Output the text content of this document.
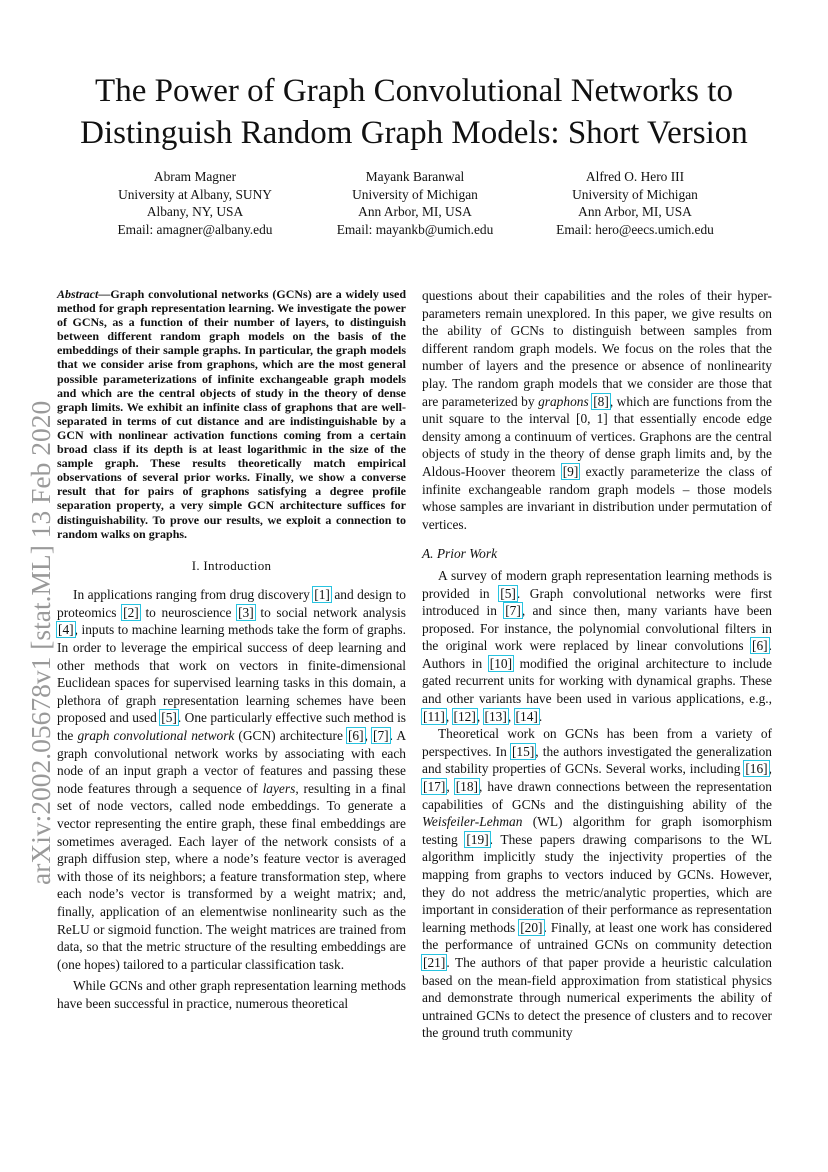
arXiv:2002.05678v1 [stat.ML] 13 Feb 2020
The Power of Graph Convolutional Networks to Distinguish Random Graph Models: Short Version
Abram Magner
University at Albany, SUNY
Albany, NY, USA
Email: amagner@albany.edu
Mayank Baranwal
University of Michigan
Ann Arbor, MI, USA
Email: mayankb@umich.edu
Alfred O. Hero III
University of Michigan
Ann Arbor, MI, USA
Email: hero@eecs.umich.edu

Abstract—Graph convolutional networks (GCNs) are a widely used method for graph representation learning. We investigate the power of GCNs, as a function of their number of layers, to distinguish between different random graph models on the basis of the embeddings of their sample graphs. In particular, the graph models that we consider arise from graphons, which are the most general possible parameterizations of infinite exchangeable graph models and which are the central objects of study in the theory of dense graph limits. We exhibit an infinite class of graphons that are well-separated in terms of cut distance and are indistinguishable by a GCN with nonlinear activation functions coming from a certain broad class if its depth is at least logarithmic in the size of the sample graph. These results theoretically match empirical observations of several prior works. Finally, we show a converse result that for pairs of graphons satisfying a degree profile separation property, a very simple GCN architecture suffices for distinguishability. To prove our results, we exploit a connection to random walks on graphs.

I. Introduction

In applications ranging from drug discovery [1] and design to proteomics [2] to neuroscience [3] to social network analysis [4], inputs to machine learning methods take the form of graphs. In order to leverage the empirical success of deep learning and other methods that work on vectors in finite-dimensional Euclidean spaces for supervised learning tasks in this domain, a plethora of graph representation learning schemes have been proposed and used [5]. One particularly effective such method is the graph convolutional network (GCN) architecture [6], [7]. A graph convolutional network works by associating with each node of an input graph a vector of features and passing these node features through a sequence of layers, resulting in a final set of node vectors, called node embeddings. To generate a vector representing the entire graph, these final embeddings are sometimes averaged. Each layer of the network consists of a graph diffusion step, where a node’s feature vector is averaged with those of its neighbors; a feature transformation step, where each node’s vector is transformed by a weight matrix; and, finally, application of an elementwise nonlinearity such as the ReLU or sigmoid function. The weight matrices are trained from data, so that the metric structure of the resulting embeddings are (one hopes) tailored to a particular classification task.

While GCNs and other graph representation learning methods have been successful in practice, numerous theoretical

questions about their capabilities and the roles of their hyper-parameters remain unexplored. In this paper, we give results on the ability of GCNs to distinguish between samples from different random graph models. We focus on the roles that the number of layers and the presence or absence of nonlinearity play. The random graph models that we consider are those that are parameterized by graphons [8], which are functions from the unit square to the interval [0, 1] that essentially encode edge density among a continuum of vertices. Graphons are the central objects of study in the theory of dense graph limits and, by the Aldous-Hoover theorem [9] exactly parameterize the class of infinite exchangeable random graph models – those models whose samples are invariant in distribution under permutation of vertices.

A. Prior Work

A survey of modern graph representation learning methods is provided in [5]. Graph convolutional networks were first introduced in [7], and since then, many variants have been proposed. For instance, the polynomial convolutional filters in the original work were replaced by linear convolutions [6]. Authors in [10] modified the original architecture to include gated recurrent units for working with dynamical graphs. These and other variants have been used in various applications, e.g., [11], [12], [13], [14].

Theoretical work on GCNs has been from a variety of perspectives. In [15], the authors investigated the generalization and stability properties of GCNs. Several works, including [16], [17], [18], have drawn connections between the representation capabilities of GCNs and the distinguishing ability of the Weisfeiler-Lehman (WL) algorithm for graph isomorphism testing [19]. These papers drawing comparisons to the WL algorithm implicitly study the injectivity properties of the mapping from graphs to vectors induced by GCNs. However, they do not address the metric/analytic properties, which are important in consideration of their performance as representation learning methods [20]. Finally, at least one work has considered the performance of untrained GCNs on community detection [21]. The authors of that paper provide a heuristic calculation based on the mean-field approximation from statistical physics and demonstrate through numerical experiments the ability of untrained GCNs to detect the presence of clusters and to recover the ground truth community
